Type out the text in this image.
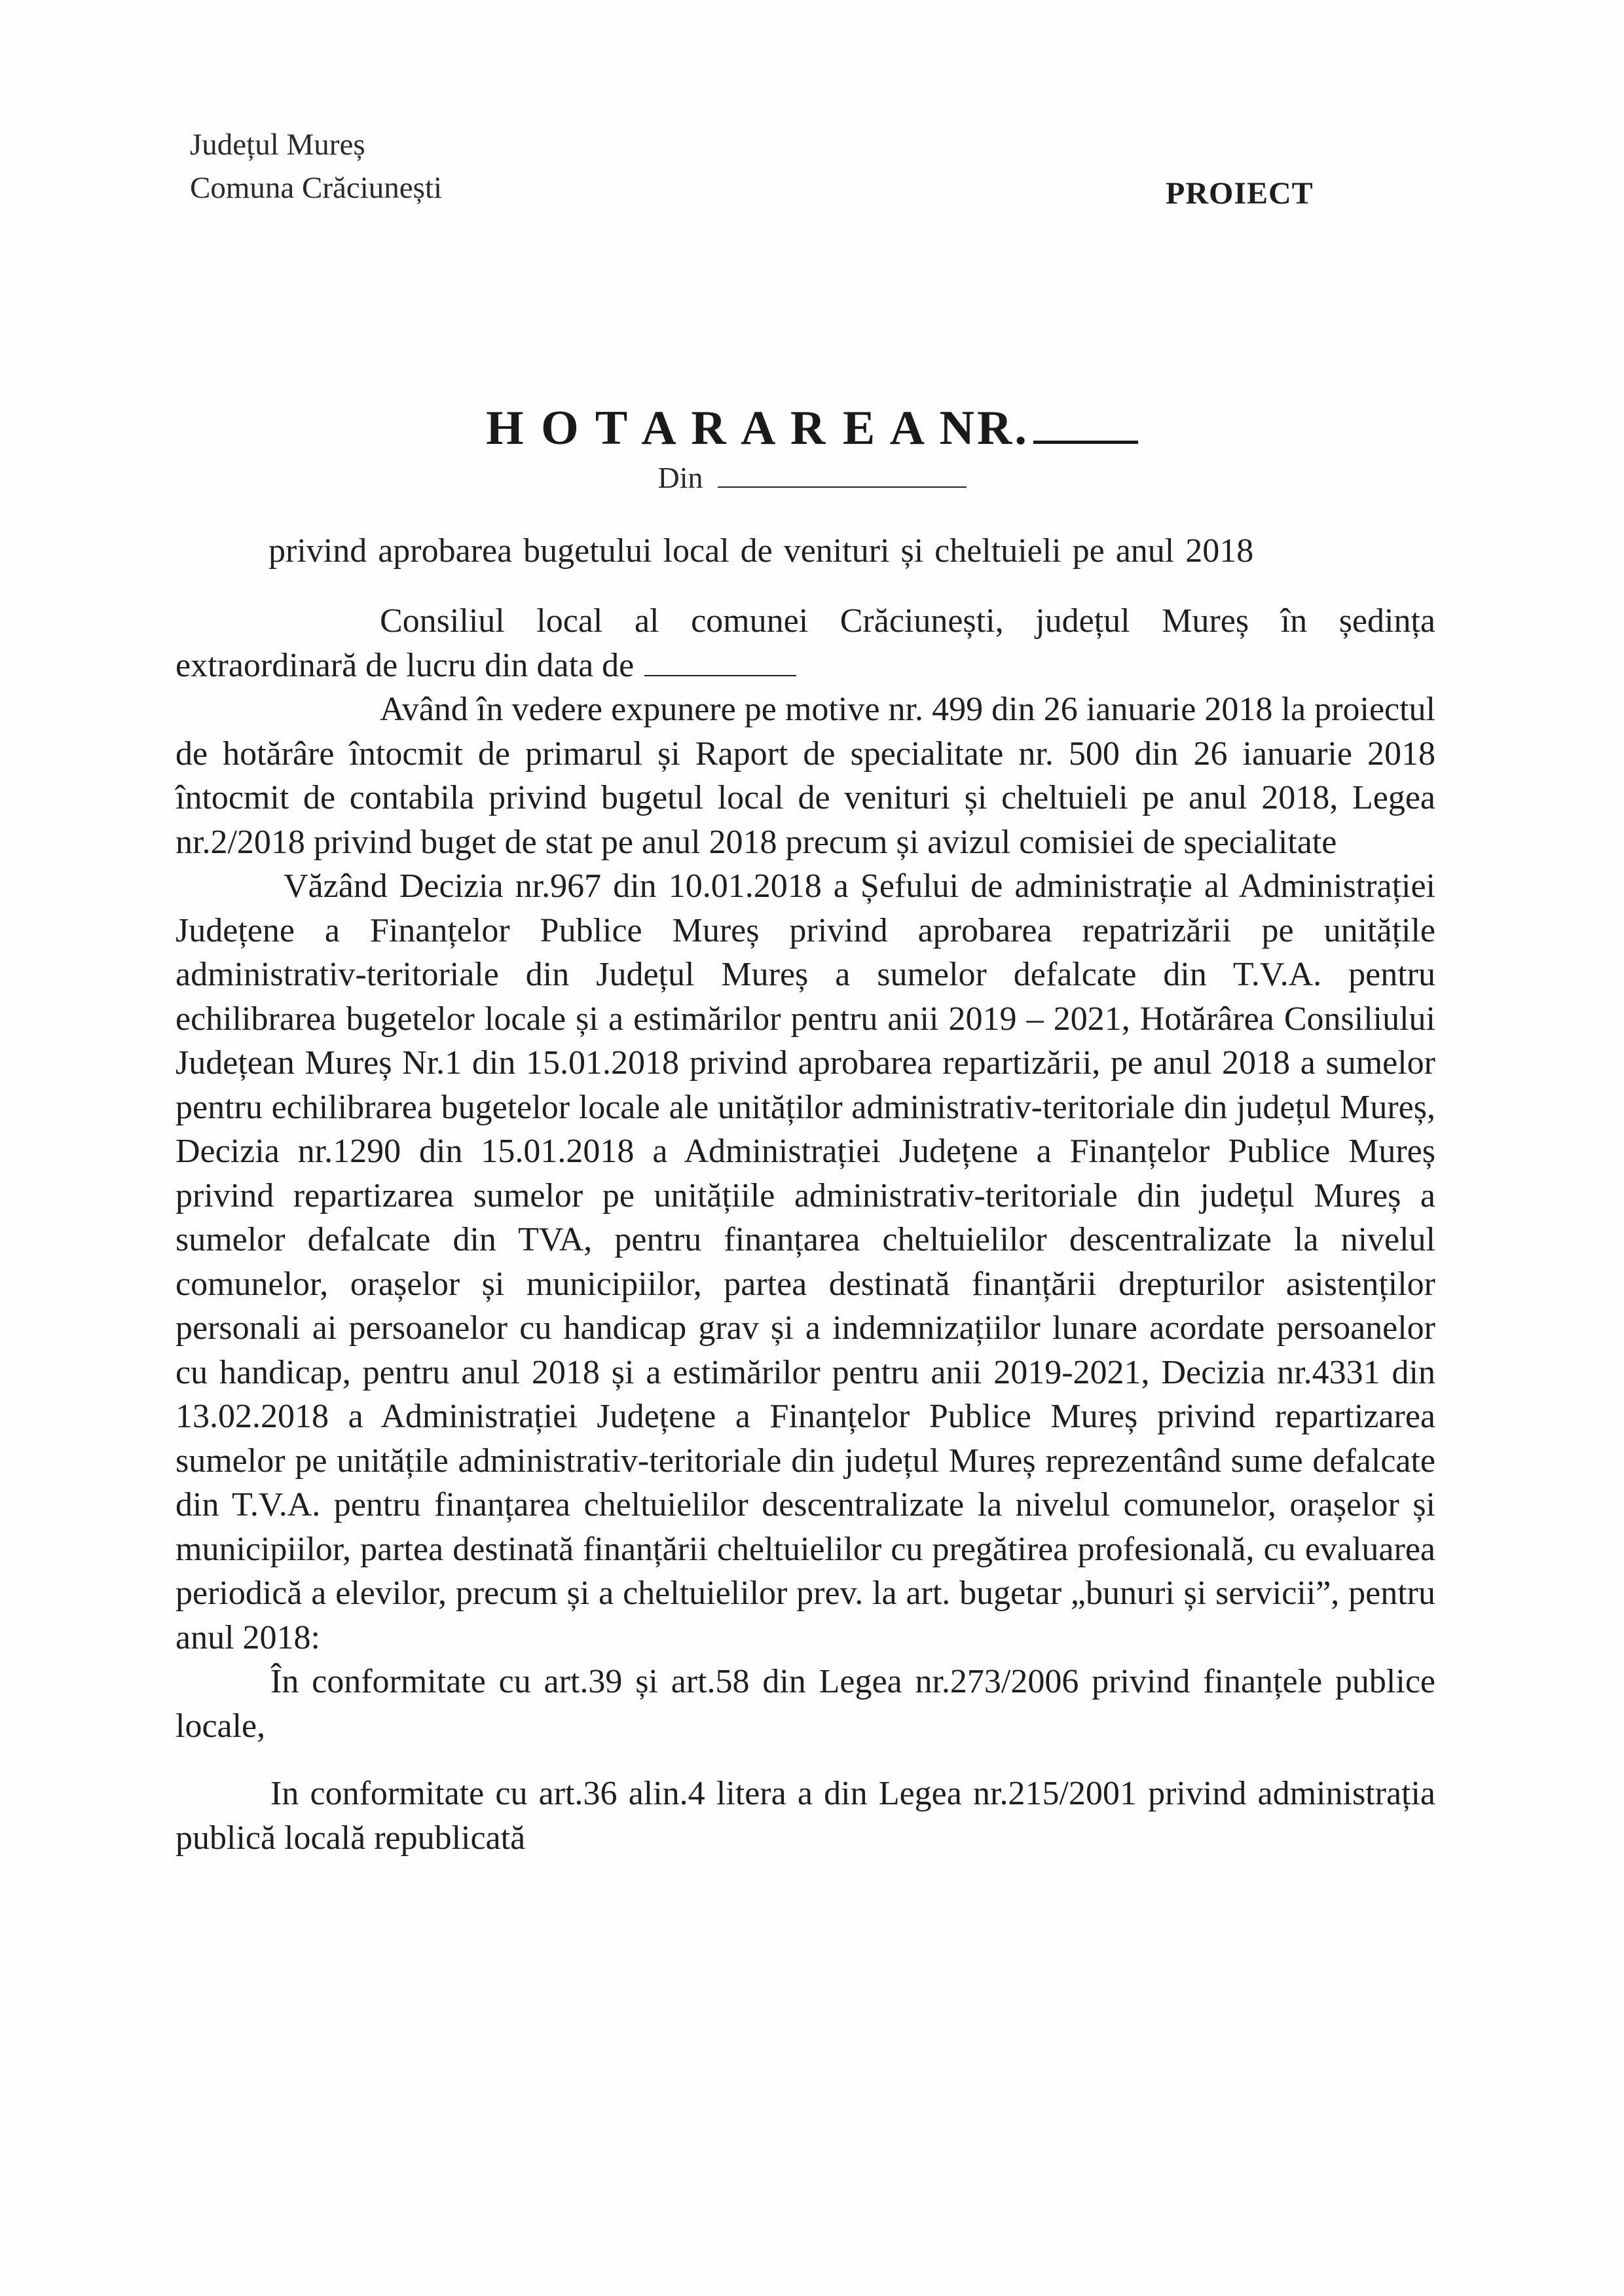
Județul Mureș
Comuna Crăciunești	PROIECT
H O T A R A R E A NR.
Din
privind aprobarea bugetului local de venituri și cheltuieli pe anul 2018

Consiliul local al comunei Crăciunești, județul Mureș în ședința extraordinară de lucru din data de

Având în vedere expunere pe motive nr. 499 din 26 ianuarie 2018 la proiectul de hotărâre întocmit de primarul și Raport de specialitate nr. 500 din 26 ianuarie 2018 întocmit de contabila privind bugetul local de venituri și cheltuieli pe anul 2018, Legea nr.2/2018 privind buget de stat pe anul 2018 precum și avizul comisiei de specialitate

Văzând Decizia nr.967 din 10.01.2018 a Șefului de administrație al Administrației Județene a Finanțelor Publice Mureș privind aprobarea repatrizării pe unitățile administrativ-teritoriale din Județul Mureș a sumelor defalcate din T.V.A. pentru echilibrarea bugetelor locale și a estimărilor pentru anii 2019 – 2021, Hotărârea Consiliului Județean Mureș Nr.1 din 15.01.2018 privind aprobarea repartizării, pe anul 2018 a sumelor pentru echilibrarea bugetelor locale ale unităților administrativ-teritoriale din județul Mureș, Decizia nr.1290 din 15.01.2018 a Administrației Județene a Finanțelor Publice Mureș privind repartizarea sumelor pe unitățiile administrativ-teritoriale din județul Mureș a sumelor defalcate din TVA, pentru finanțarea cheltuielilor descentralizate la nivelul comunelor, orașelor și municipiilor, partea destinată finanțării drepturilor asistenților personali ai persoanelor cu handicap grav și a indemnizațiilor lunare acordate persoanelor cu handicap, pentru anul 2018 și a estimărilor pentru anii 2019-2021, Decizia nr.4331 din 13.02.2018 a Administrației Județene a Finanțelor Publice Mureș privind repartizarea sumelor pe unitățile administrativ-teritoriale din județul Mureș reprezentând sume defalcate din T.V.A. pentru finanțarea cheltuielilor descentralizate la nivelul comunelor, orașelor și municipiilor, partea destinată finanțării cheltuielilor cu pregătirea profesională, cu evaluarea periodică a elevilor, precum și a cheltuielilor prev. la art. bugetar „bunuri și servicii”, pentru anul 2018:

În conformitate cu art.39 și art.58 din Legea nr.273/2006 privind finanțele publice locale,

In conformitate cu art.36 alin.4 litera a din Legea nr.215/2001 privind administrația publică locală republicată
